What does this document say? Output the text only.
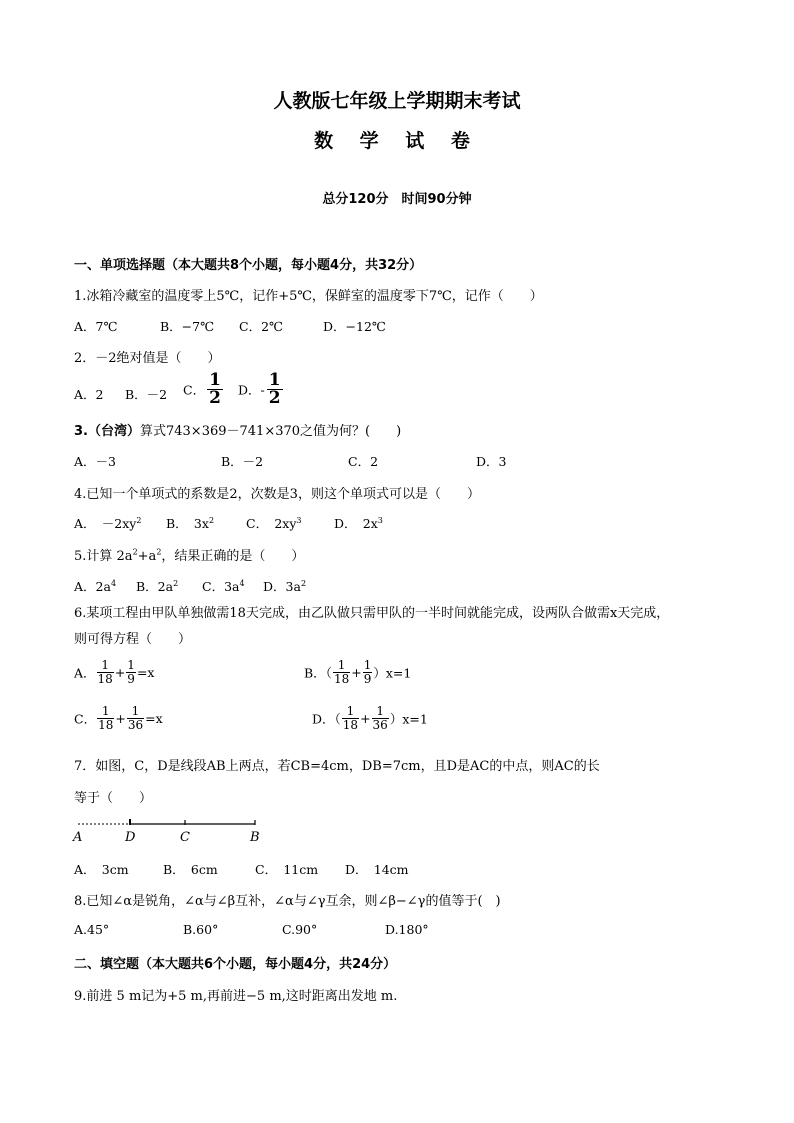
人教版七年级上学期期末考试
数 学 试 卷
总分120分　时间90分钟
一、单项选择题（本大题共8个小题，每小题4分，共32分）
1.冰箱冷藏室的温度零上5℃，记作+5℃，保鲜室的温度零下7℃，记作（　　）
A．7℃	B．−7℃ C．2℃	D．−12℃
2．－2绝对值是（　　）
A．2 B．－2 C． $\frac{1}{2}$ D．- $\frac{1}{2}$
3.（台湾）算式743×369－741×370之值为何？(　　)
A．－3	B．－2	C．2	D．3
4.已知一个单项式的系数是2，次数是3，则这个单项式可以是（　　）
A．　$-2xy^2$ B．　$3x^2$	C．　$2xy^3$	D．　$2x^3$
5.计算 $2a^2+a^2$，结果正确的是（　　）
A．$2a^4$ B．$2a^2$ C．$3a^4$ D．$3a^2$
6.某项工程由甲队单独做需18天完成，由乙队做只需甲队的一半时间就能完成，设两队合做需x天完成，
则可得方程（　　）
A． $\frac{1}{18} + \frac{1}{9} =x$	B．（ $\frac{1}{18} + \frac{1}{9} )x=1$
C． $\frac{1}{18} + \frac{1}{36} =x$	D．（ $\frac{1}{18} + \frac{1}{36} )x=1$
7．如图，C，D是线段AB上两点，若CB=4cm，DB=7cm，且D是AC的中点，则AC的长
等于（　　）
A	D	C	B
A．　3cm	B．　6cm	C．　11cm D．　14cm
8.已知∠α是锐角，∠α与∠β互补，∠α与∠γ互余，则∠β−∠γ的值等于(　)
A.45°	B.60°	C.90°	D.180°
二、填空题（本大题共6个小题，每小题4分，共24分）
9.前进 5 m记为+5 m,再前进−5 m,这时距离出发地 m.
